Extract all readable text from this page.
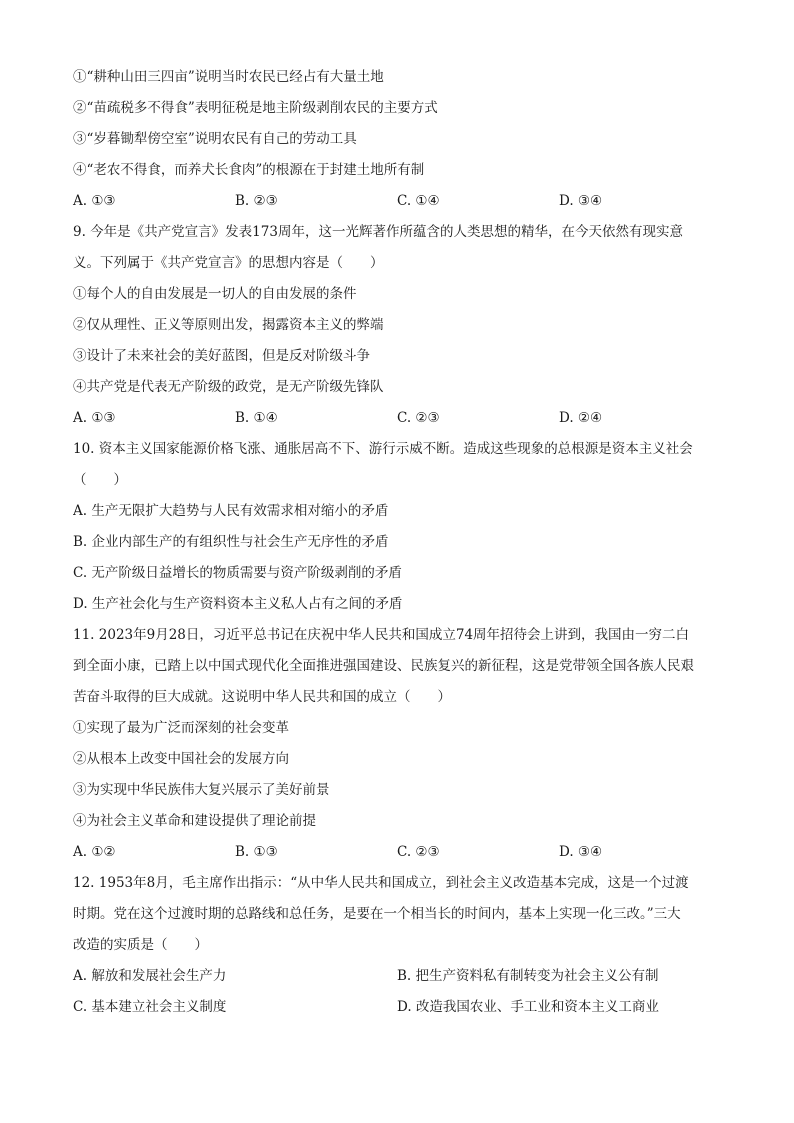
①“耕种山田三四亩”说明当时农民已经占有大量土地
②“苗疏税多不得食”表明征税是地主阶级剥削农民的主要方式
③“岁暮锄犁傍空室”说明农民有自己的劳动工具
④“老农不得食，而养犬长食肉”的根源在于封建土地所有制
A. ①③	B. ②③	C. ①④	D. ③④
9. 今年是《共产党宣言》发表173周年，这一光辉著作所蕴含的人类思想的精华，在今天依然有现实意
义。下列属于《共产党宣言》的思想内容是（　　）
①每个人的自由发展是一切人的自由发展的条件
②仅从理性、正义等原则出发，揭露资本主义的弊端
③设计了未来社会的美好蓝图，但是反对阶级斗争
④共产党是代表无产阶级的政党，是无产阶级先锋队
A. ①③	B. ①④	C. ②③	D. ②④
10. 资本主义国家能源价格飞涨、通胀居高不下、游行示威不断。造成这些现象的总根源是资本主义社会
（　　）
A. 生产无限扩大趋势与人民有效需求相对缩小的矛盾
B. 企业内部生产的有组织性与社会生产无序性的矛盾
C. 无产阶级日益增长的物质需要与资产阶级剥削的矛盾
D. 生产社会化与生产资料资本主义私人占有之间的矛盾
11. 2023年9月28日，习近平总书记在庆祝中华人民共和国成立74周年招待会上讲到，我国由一穷二白
到全面小康，已踏上以中国式现代化全面推进强国建设、民族复兴的新征程，这是党带领全国各族人民艰
苦奋斗取得的巨大成就。这说明中华人民共和国的成立（　　）
①实现了最为广泛而深刻的社会变革
②从根本上改变中国社会的发展方向
③为实现中华民族伟大复兴展示了美好前景
④为社会主义革命和建设提供了理论前提
A. ①②	B. ①③	C. ②③	D. ③④
12. 1953年8月，毛主席作出指示：“从中华人民共和国成立，到社会主义改造基本完成，这是一个过渡
时期。党在这个过渡时期的总路线和总任务，是要在一个相当长的时间内，基本上实现一化三改。”三大
改造的实质是（　　）
A. 解放和发展社会生产力	B. 把生产资料私有制转变为社会主义公有制
C. 基本建立社会主义制度	D. 改造我国农业、手工业和资本主义工商业
